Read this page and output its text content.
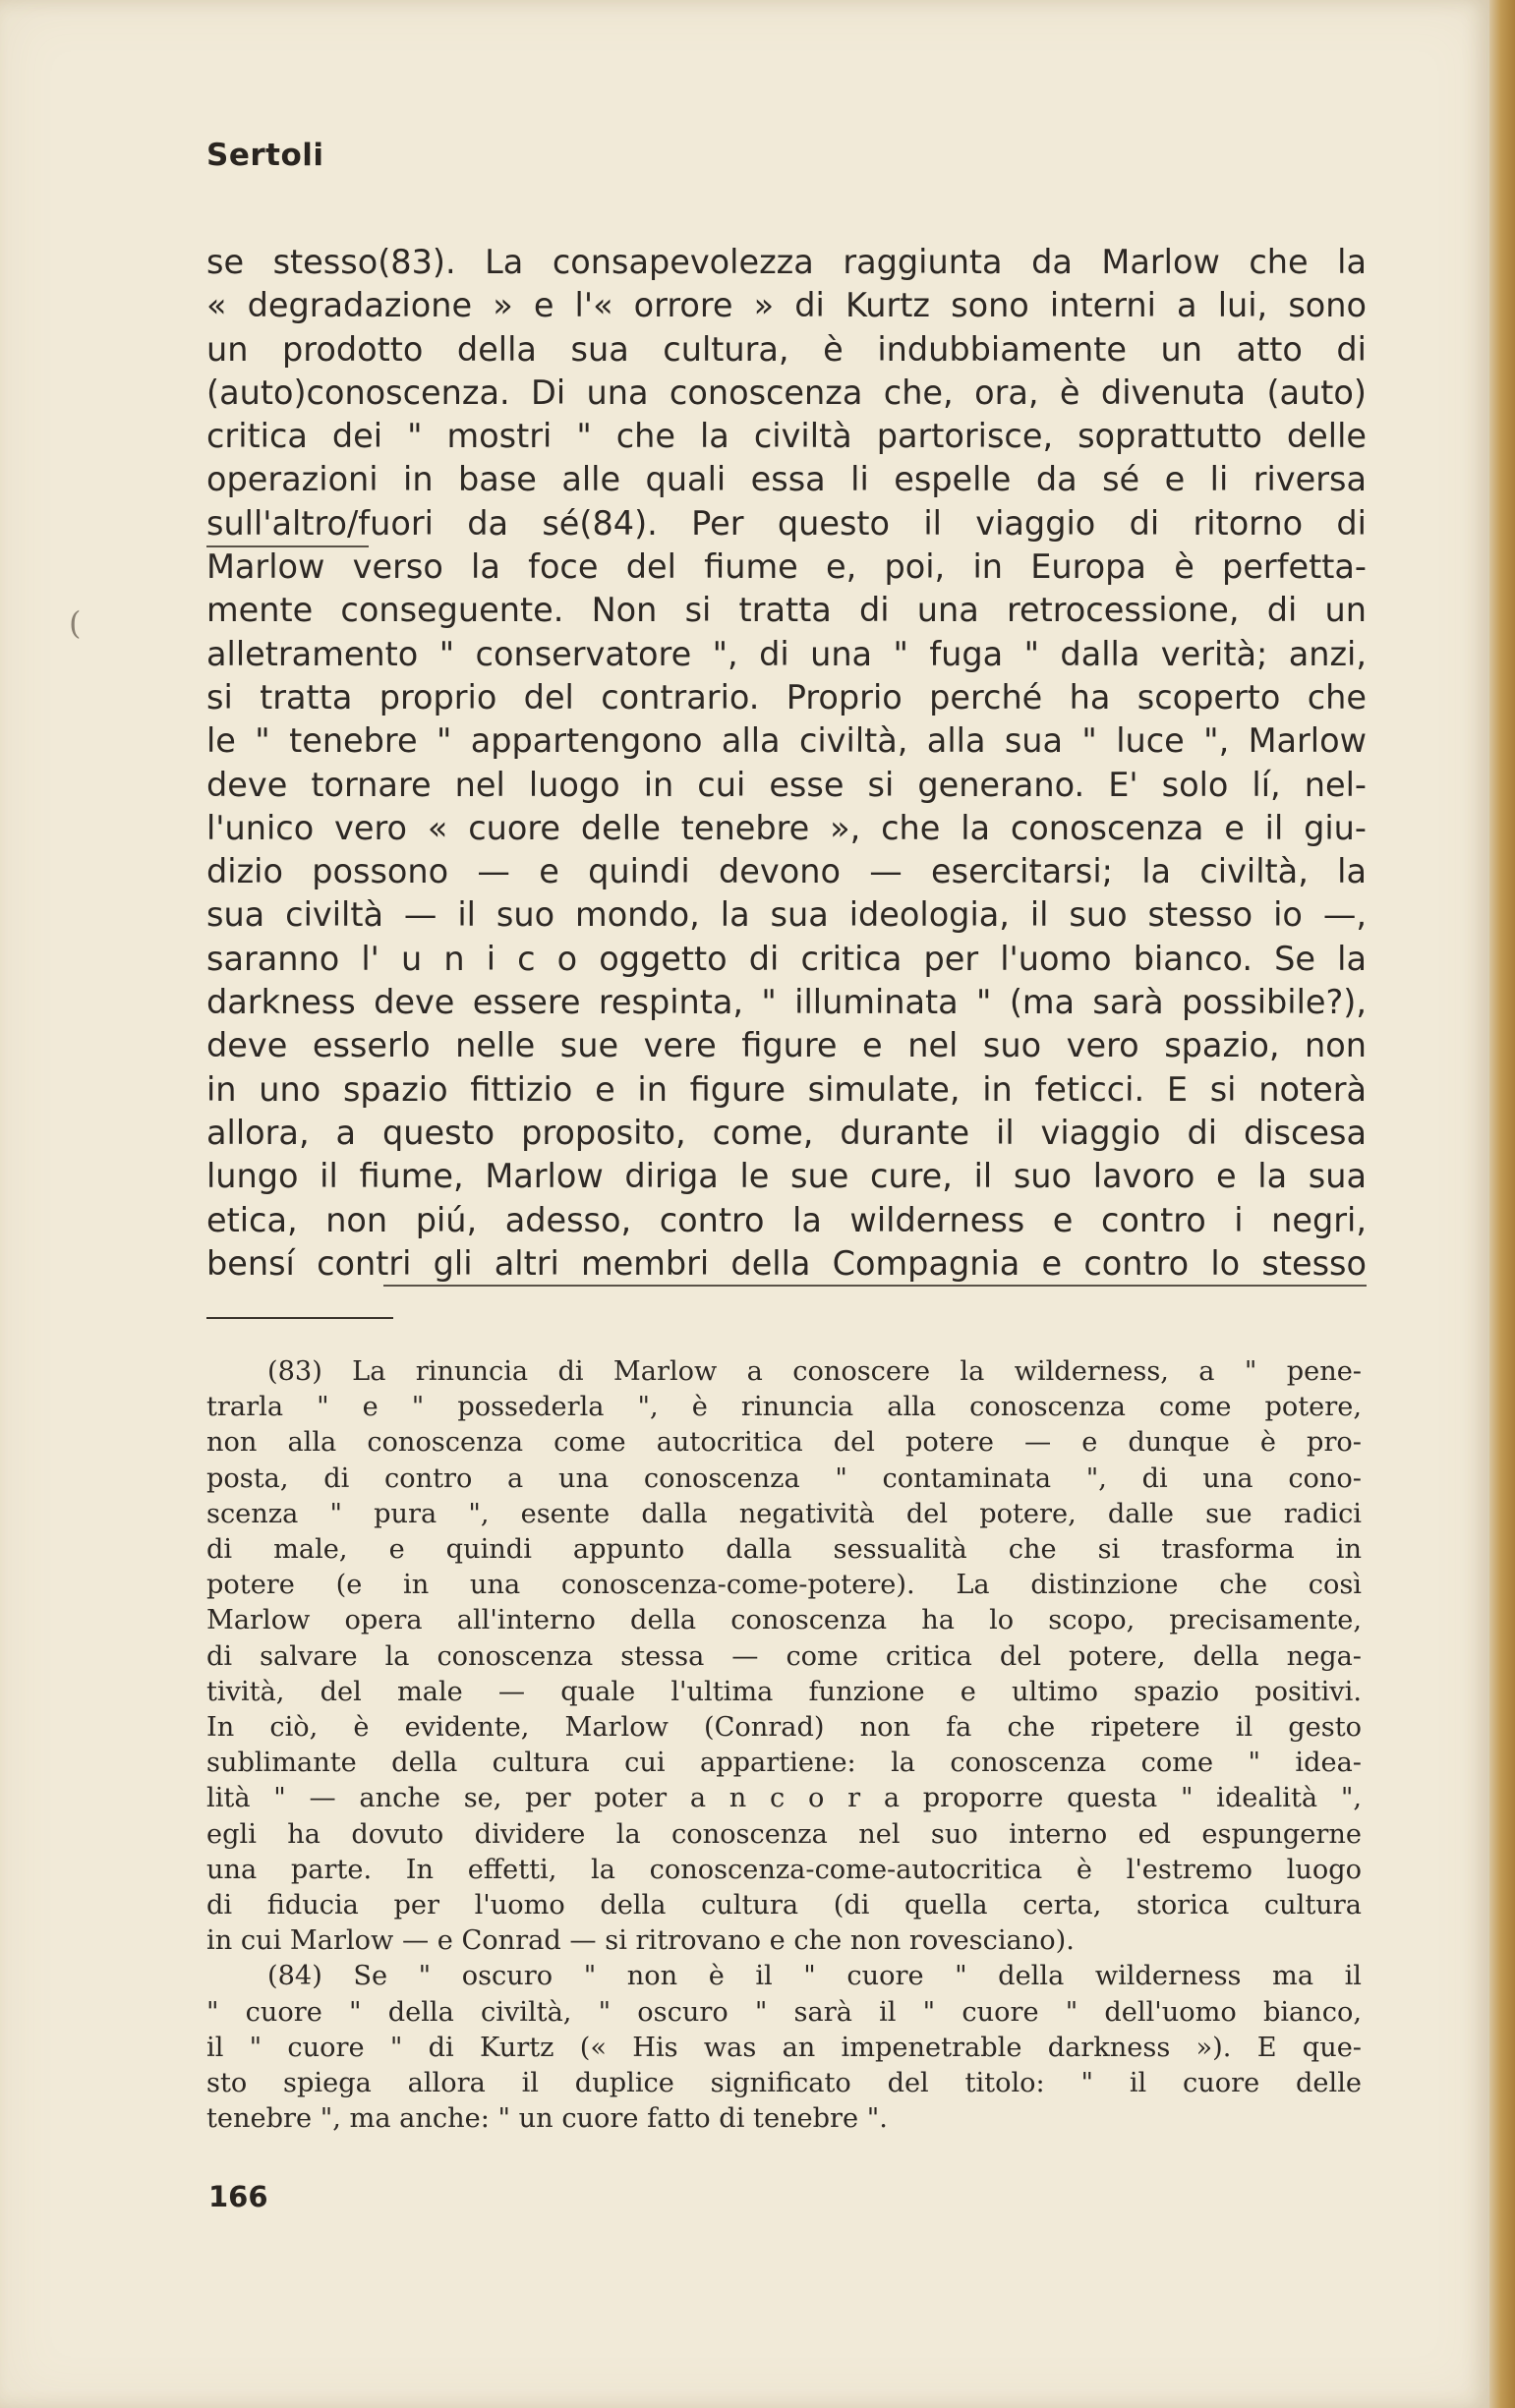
Sertoli
(
se stesso(83). La consapevolezza raggiunta da Marlow che la
« degradazione » e l'« orrore » di Kurtz sono interni a lui, sono
un prodotto della sua cultura, è indubbiamente un atto di
(auto)conoscenza. Di una conoscenza che, ora, è divenuta (auto)
critica dei " mostri " che la civiltà partorisce, soprattutto delle
operazioni in base alle quali essa li espelle da sé e li riversa
sull'altro/fuori da sé(84). Per questo il viaggio di ritorno di
Marlow verso la foce del fiume e, poi, in Europa è perfetta-
mente conseguente. Non si tratta di una retrocessione, di un
alletramento " conservatore ", di una " fuga " dalla verità; anzi,
si tratta proprio del contrario. Proprio perché ha scoperto che
le " tenebre " appartengono alla civiltà, alla sua " luce ", Marlow
deve tornare nel luogo in cui esse si generano. E' solo lí, nel-
l'unico vero « cuore delle tenebre », che la conoscenza e il giu-
dizio possono — e quindi devono — esercitarsi; la civiltà, la
sua civiltà — il suo mondo, la sua ideologia, il suo stesso io —,
saranno l' u n i c o oggetto di critica per l'uomo bianco. Se la
darkness deve essere respinta, " illuminata " (ma sarà possibile?),
deve esserlo nelle sue vere figure e nel suo vero spazio, non
in uno spazio fittizio e in figure simulate, in feticci. E si noterà
allora, a questo proposito, come, durante il viaggio di discesa
lungo il fiume, Marlow diriga le sue cure, il suo lavoro e la sua
etica, non piú, adesso, contro la wilderness e contro i negri,
bensí contri gli altri membri della Compagnia e contro lo stesso
(83) La rinuncia di Marlow a conoscere la wilderness, a " pene-
trarla " e " possederla ", è rinuncia alla conoscenza come potere,
non alla conoscenza come autocritica del potere — e dunque è pro-
posta, di contro a una conoscenza " contaminata ", di una cono-
scenza " pura ", esente dalla negatività del potere, dalle sue radici
di male, e quindi appunto dalla sessualità che si trasforma in
potere (e in una conoscenza-come-potere). La distinzione che così
Marlow opera all'interno della conoscenza ha lo scopo, precisamente,
di salvare la conoscenza stessa — come critica del potere, della nega-
tività, del male — quale l'ultima funzione e ultimo spazio positivi.
In ciò, è evidente, Marlow (Conrad) non fa che ripetere il gesto
sublimante della cultura cui appartiene: la conoscenza come " idea-
lità " — anche se, per poter a n c o r a proporre questa " idealità ",
egli ha dovuto dividere la conoscenza nel suo interno ed espungerne
una parte. In effetti, la conoscenza-come-autocritica è l'estremo luogo
di fiducia per l'uomo della cultura (di quella certa, storica cultura
in cui Marlow — e Conrad — si ritrovano e che non rovesciano).
(84) Se " oscuro " non è il " cuore " della wilderness ma il
" cuore " della civiltà, " oscuro " sarà il " cuore " dell'uomo bianco,
il " cuore " di Kurtz (« His was an impenetrable darkness »). E que-
sto spiega allora il duplice significato del titolo: " il cuore delle
tenebre ", ma anche: " un cuore fatto di tenebre ".
166
